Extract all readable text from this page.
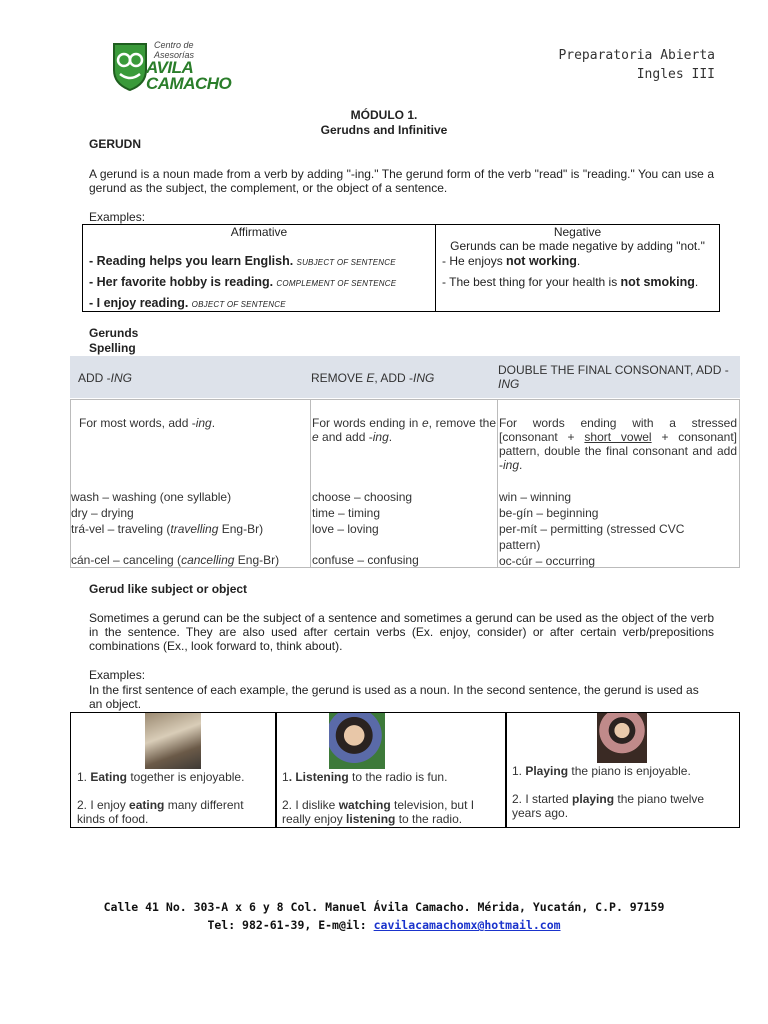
Centro de
Asesorías
AVILA
CAMACHO
Preparatoria Abierta
Ingles III
MÓDULO 1.
Gerudns and Infinitive
GERUDN

A gerund is a noun made from a verb by adding "-ing." The gerund form of the verb "read" is "reading." You can use a gerund as the subject, the complement, or the object of a sentence.

Examples:
Affirmative
- Reading helps you learn English. SUBJECT OF SENTENCE
- Her favorite hobby is reading. COMPLEMENT OF SENTENCE
- I enjoy reading. OBJECT OF SENTENCE
Negative
Gerunds can be made negative by adding "not."
- He enjoys not working.
- The best thing for your health is not smoking.
Gerunds
Spelling
ADD -ING	REMOVE E, ADD -ING
DOUBLE THE FINAL CONSONANT, ADD -ING
For most words, add -ing.	For words ending in e, remove the e and add -ing.
For words ending with a stressed [consonant + short vowel + consonant] pattern, double the final consonant and add -ing.
wash – washing (one syllable)
dry – drying
trá-vel – traveling (travelling Eng-Br)
cán-cel – canceling (cancelling Eng-Br)
choose – choosing
time – timing
love – loving
confuse – confusing
win – winning
be-gín – beginning
per-mít – permitting (stressed CVC
pattern)
oc-cúr – occurring
Gerud like subject or object

Sometimes a gerund can be the subject of a sentence and sometimes a gerund can be used as the object of the verb in the sentence. They are also used after certain verbs (Ex. enjoy, consider) or after certain verb/prepositions combinations (Ex., look forward to, think about).

Examples:

In the first sentence of each example, the gerund is used as a noun. In the second sentence, the gerund is used as an object.

1. Eating together is enjoyable.
2. I enjoy eating many different kinds of food.
1. Listening to the radio is fun.
2. I dislike watching television, but I really enjoy listening to the radio.
1. Playing the piano is enjoyable.
2. I started playing the piano twelve years ago.
Calle 41 No. 303-A x 6 y 8 Col. Manuel Ávila Camacho. Mérida, Yucatán, C.P. 97159
Tel: 982-61-39, E-m@il: cavilacamachomx@hotmail.com
